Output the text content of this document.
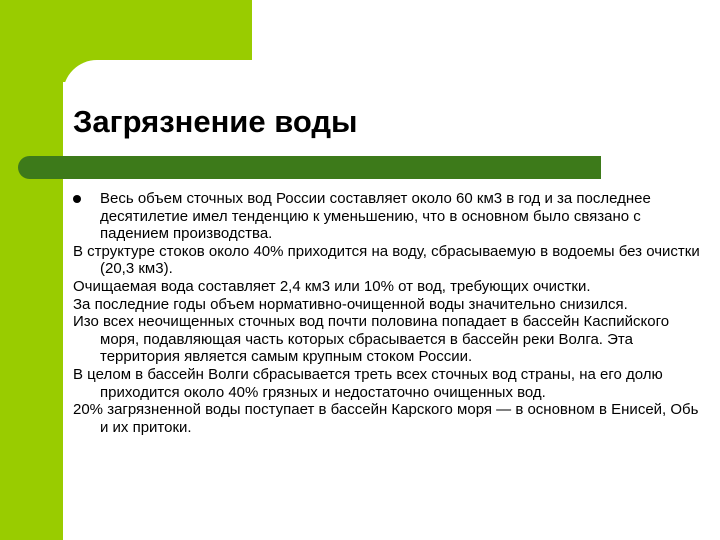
Загрязнение воды

Весь объем сточных вод России составляет около 60 км3 в год и за последнее десятилетие имел тенденцию к уменьшению, что в основном было связано с падением производства.

В структуре стоков около 40% приходится на воду, сбрасываемую в водоемы без очистки (20,3 км3).

Очищаемая вода составляет 2,4 км3 или 10% от вод, требующих очистки.

За последние годы объем нормативно-очищенной воды значительно снизился.

Изо всех неочищенных сточных вод почти половина попадает в бассейн Каспийского моря, подавляющая часть которых сбрасывается в бассейн реки Волга. Эта территория является самым крупным стоком России.

В целом в бассейн Волги сбрасывается треть всех сточных вод страны, на его долю приходится около 40% грязных и недостаточно очищенных вод.

20% загрязненной воды поступает в бассейн Карского моря — в основном в Енисей, Обь и их притоки.
